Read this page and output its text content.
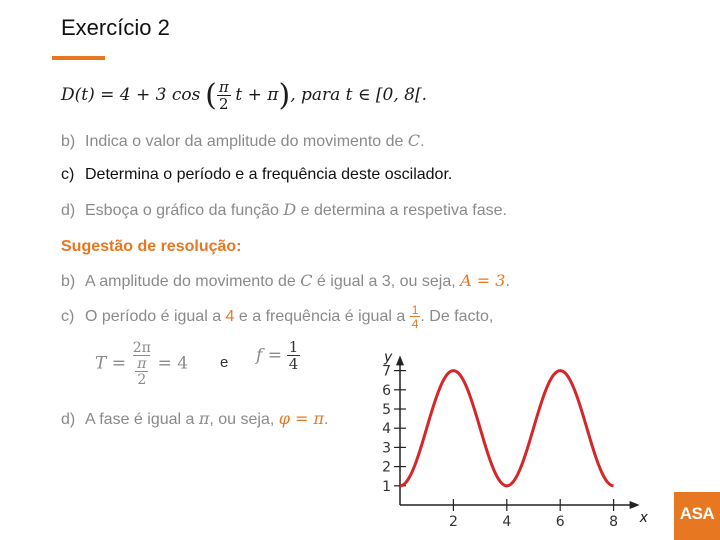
Exercício 2
D(t) = 4 + 3 cos ( $\frac{\pi}{2}$ t + π), para t ∈ [0, 8[.
b) Indica o valor da amplitude do movimento de C.
c) Determina o período e a frequência deste oscilador.
d) Esboça o gráfico da função D e determina a respetiva fase.
Sugestão de resolução:
b) A amplitude do movimento de C é igual a 3, ou seja, A = 3.
c) O período é igual a 4 e a frequência é igual a $\frac{1}{4}$ . De facto,
$T = \frac{2\pi}{\frac{\pi}{2}} = 4$ e $f = \frac{1}{4}$
d) A fase é igual a π, ou seja, φ = π.
x
y
2	4	6	8
1
2
3
4
5
6
7
ASA
